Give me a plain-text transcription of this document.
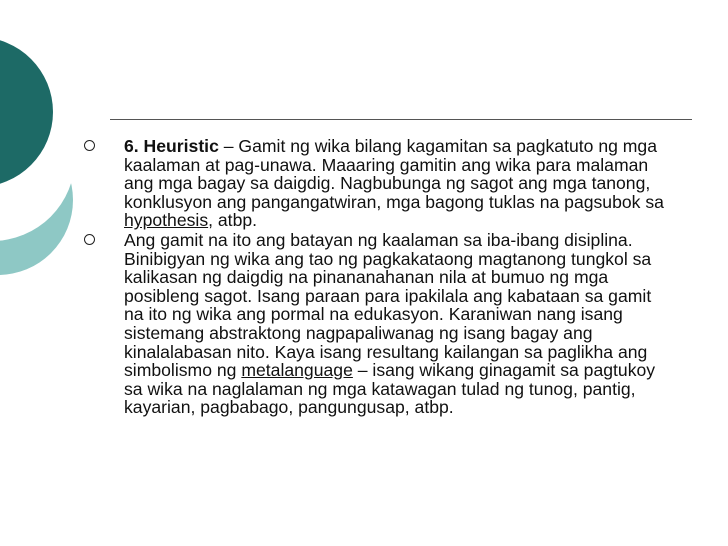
6. Heuristic – Gamit ng wika bilang kagamitan sa pagkatuto ng mga kaalaman at pag-unawa. Maaaring gamitin ang wika para malaman ang mga bagay sa daigdig. Nagbubunga ng sagot ang mga tanong, konklusyon ang pangangatwiran, mga bagong tuklas na pagsubok sa hypothesis, atbp.
Ang gamit na ito ang batayan ng kaalaman sa iba-ibang disiplina. Binibigyan ng wika ang tao ng pagkakataong magtanong tungkol sa kalikasan ng daigdig na pinananahanan nila at bumuo ng mga posibleng sagot. Isang paraan para ipakilala ang kabataan sa gamit na ito ng wika ang pormal na edukasyon. Karaniwan nang isang sistemang abstraktong nagpapaliwanag ng isang bagay ang kinalalabasan nito. Kaya isang resultang kailangan sa paglikha ang simbolismo ng metalanguage – isang wikang ginagamit sa pagtukoy sa wika na naglalaman ng mga katawagan tulad ng tunog, pantig, kayarian, pagbabago, pangungusap, atbp.
